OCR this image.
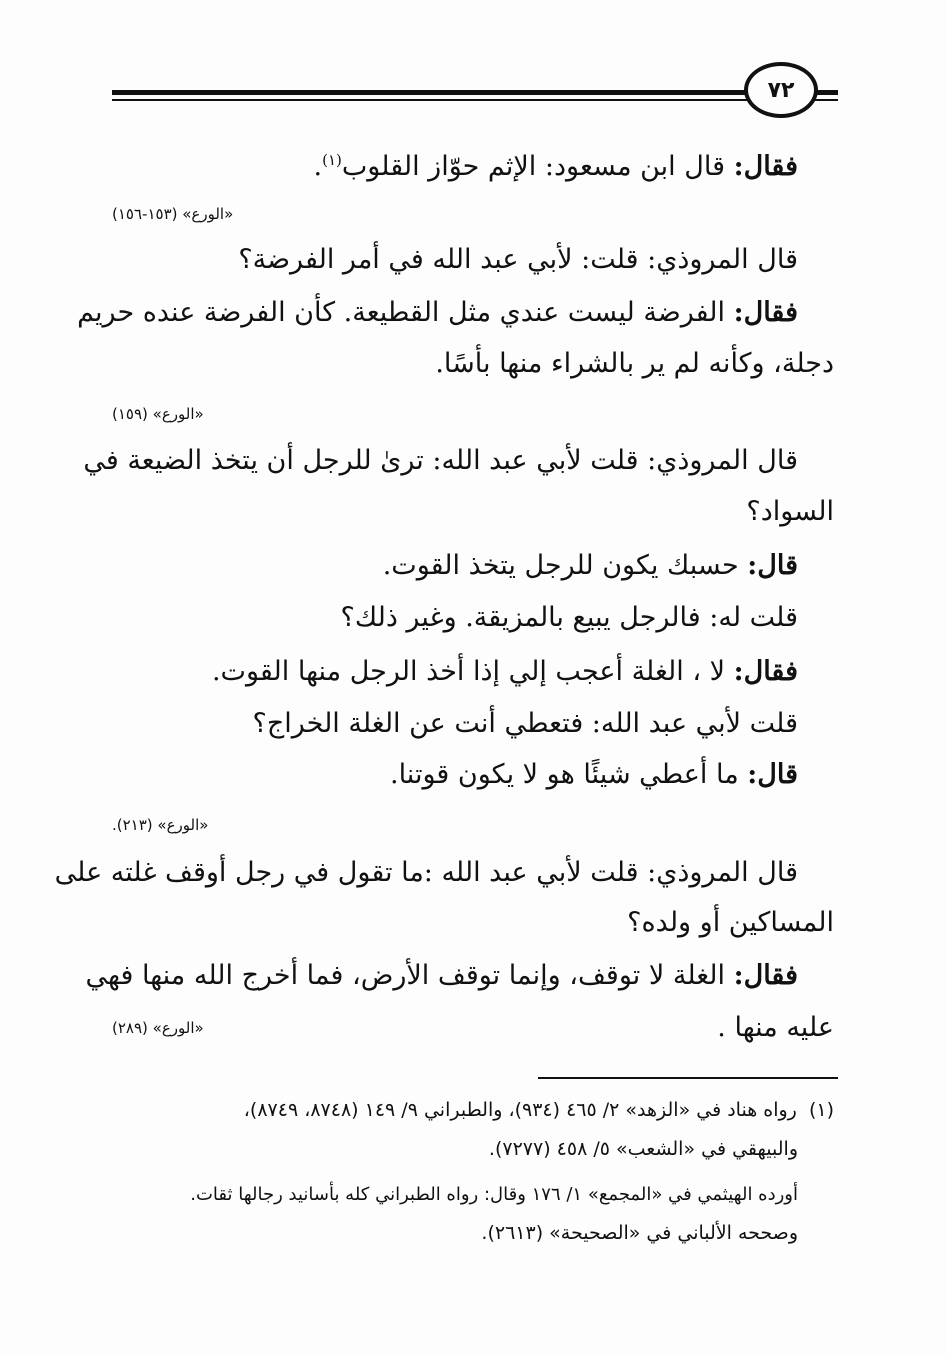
٧٢
فقال: قال ابن مسعود: الإثم حوّاز القلوب$^{(١)}$.
«الورع» (١٥٣-١٥٦)
قال المروذي: قلت: لأبي عبد الله في أمر الفرضة؟
فقال: الفرضة ليست عندي مثل القطيعة. كأن الفرضة عنده حريم
دجلة، وكأنه لم ير بالشراء منها بأسًا.
«الورع» (١٥٩)
قال المروذي: قلت لأبي عبد الله: ترىٰ للرجل أن يتخذ الضيعة في
السواد؟
قال: حسبك يكون للرجل يتخذ القوت.
قلت له: فالرجل يبيع بالمزيقة. وغير ذلك؟
فقال: لا ، الغلة أعجب إلي إذا أخذ الرجل منها القوت.
قلت لأبي عبد الله: فتعطي أنت عن الغلة الخراج؟
قال: ما أعطي شيئًا هو لا يكون قوتنا.
«الورع» (٢١٣).
قال المروذي: قلت لأبي عبد الله :ما تقول في رجل أوقف غلته على
المساكين أو ولده؟
فقال: الغلة لا توقف، وإنما توقف الأرض، فما أخرج الله منها فهي
عليه منها .
«الورع» (٢٨٩)
(١)  رواه هناد في «الزهد» ٢/ ٤٦٥ (٩٣٤)، والطبراني ٩/ ١٤٩ (٨٧٤٨، ٨٧٤٩)،
والبيهقي في «الشعب» ٥/ ٤٥٨ (٧٢٧٧).
أورده الهيثمي في «المجمع» ١/ ١٧٦ وقال: رواه الطبراني كله بأسانيد رجالها ثقات.
وصححه الألباني في «الصحيحة» (٢٦١٣).
